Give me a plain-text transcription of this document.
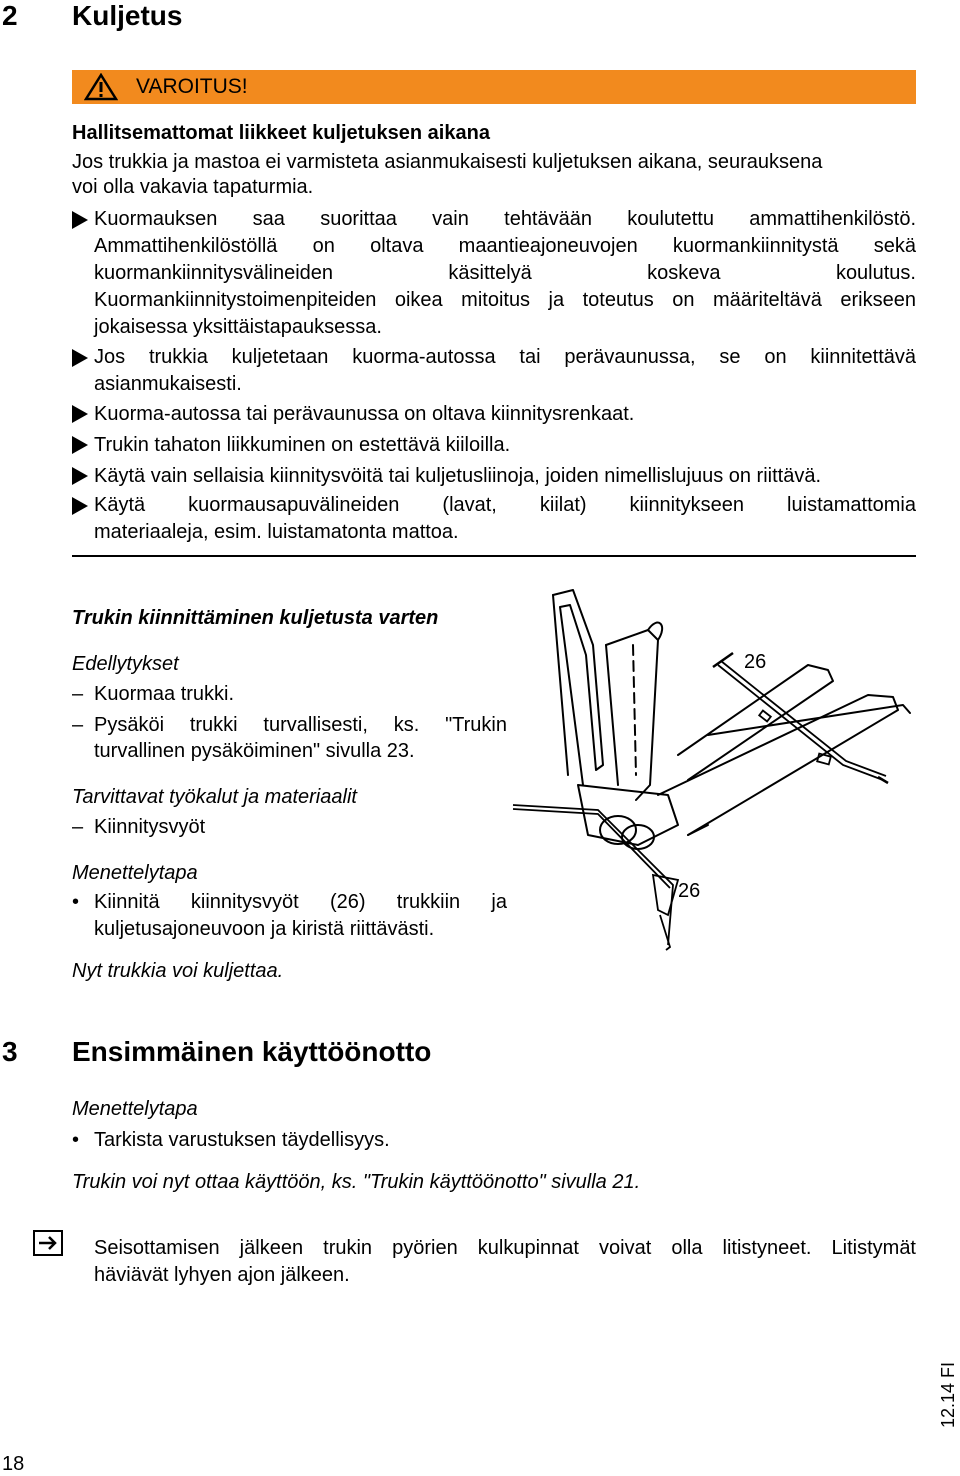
2 Kuljetus
VAROITUS!
Hallitsemattomat liikkeet kuljetuksen aikana
Jos trukkia ja mastoa ei varmisteta asianmukaisesti kuljetuksen aikana, seurauksena
voi olla vakavia tapaturmia.
Kuormauksen saa suorittaa vain tehtävään koulutettu ammattihenkilöstö.
Ammattihenkilöstöllä on oltava maantieajoneuvojen kuormankiinnitystä sekä
kuormankiinnitysvälineiden käsittelyä koskeva koulutus.
Kuormankiinnitystoimenpiteiden oikea mitoitus ja toteutus on määriteltävä erikseen
jokaisessa yksittäistapauksessa.
Jos trukkia kuljetetaan kuorma-autossa tai perävaunussa, se on kiinnitettävä
asianmukaisesti.
Kuorma-autossa tai perävaunussa on oltava kiinnitysrenkaat.
Trukin tahaton liikkuminen on estettävä kiiloilla.
Käytä vain sellaisia kiinnitysvöitä tai kuljetusliinoja, joiden nimellislujuus on riittävä.
Käytä kuormausapuvälineiden (lavat, kiilat) kiinnitykseen luistamattomia
materiaaleja, esim. luistamatonta mattoa.
Trukin kiinnittäminen kuljetusta varten
Edellytykset
– Kuormaa trukki.
– Pysäköi trukki turvallisesti, ks. "Trukin
turvallinen pysäköiminen" sivulla 23.
Tarvittavat työkalut ja materiaalit
– Kiinnitysvyöt
Menettelytapa
• Kiinnitä kiinnitysvyöt (26) trukkiin ja
kuljetusajoneuvoon ja kiristä riittävästi.
Nyt trukkia voi kuljettaa.
26
26
3 Ensimmäinen käyttöönotto
Menettelytapa
• Tarkista varustuksen täydellisyys.
Trukin voi nyt ottaa käyttöön, ks. "Trukin käyttöönotto" sivulla 21.
Seisottamisen jälkeen trukin pyörien kulkupinnat voivat olla litistyneet. Litistymät
häviävät lyhyen ajon jälkeen.
12.14 FI
18
